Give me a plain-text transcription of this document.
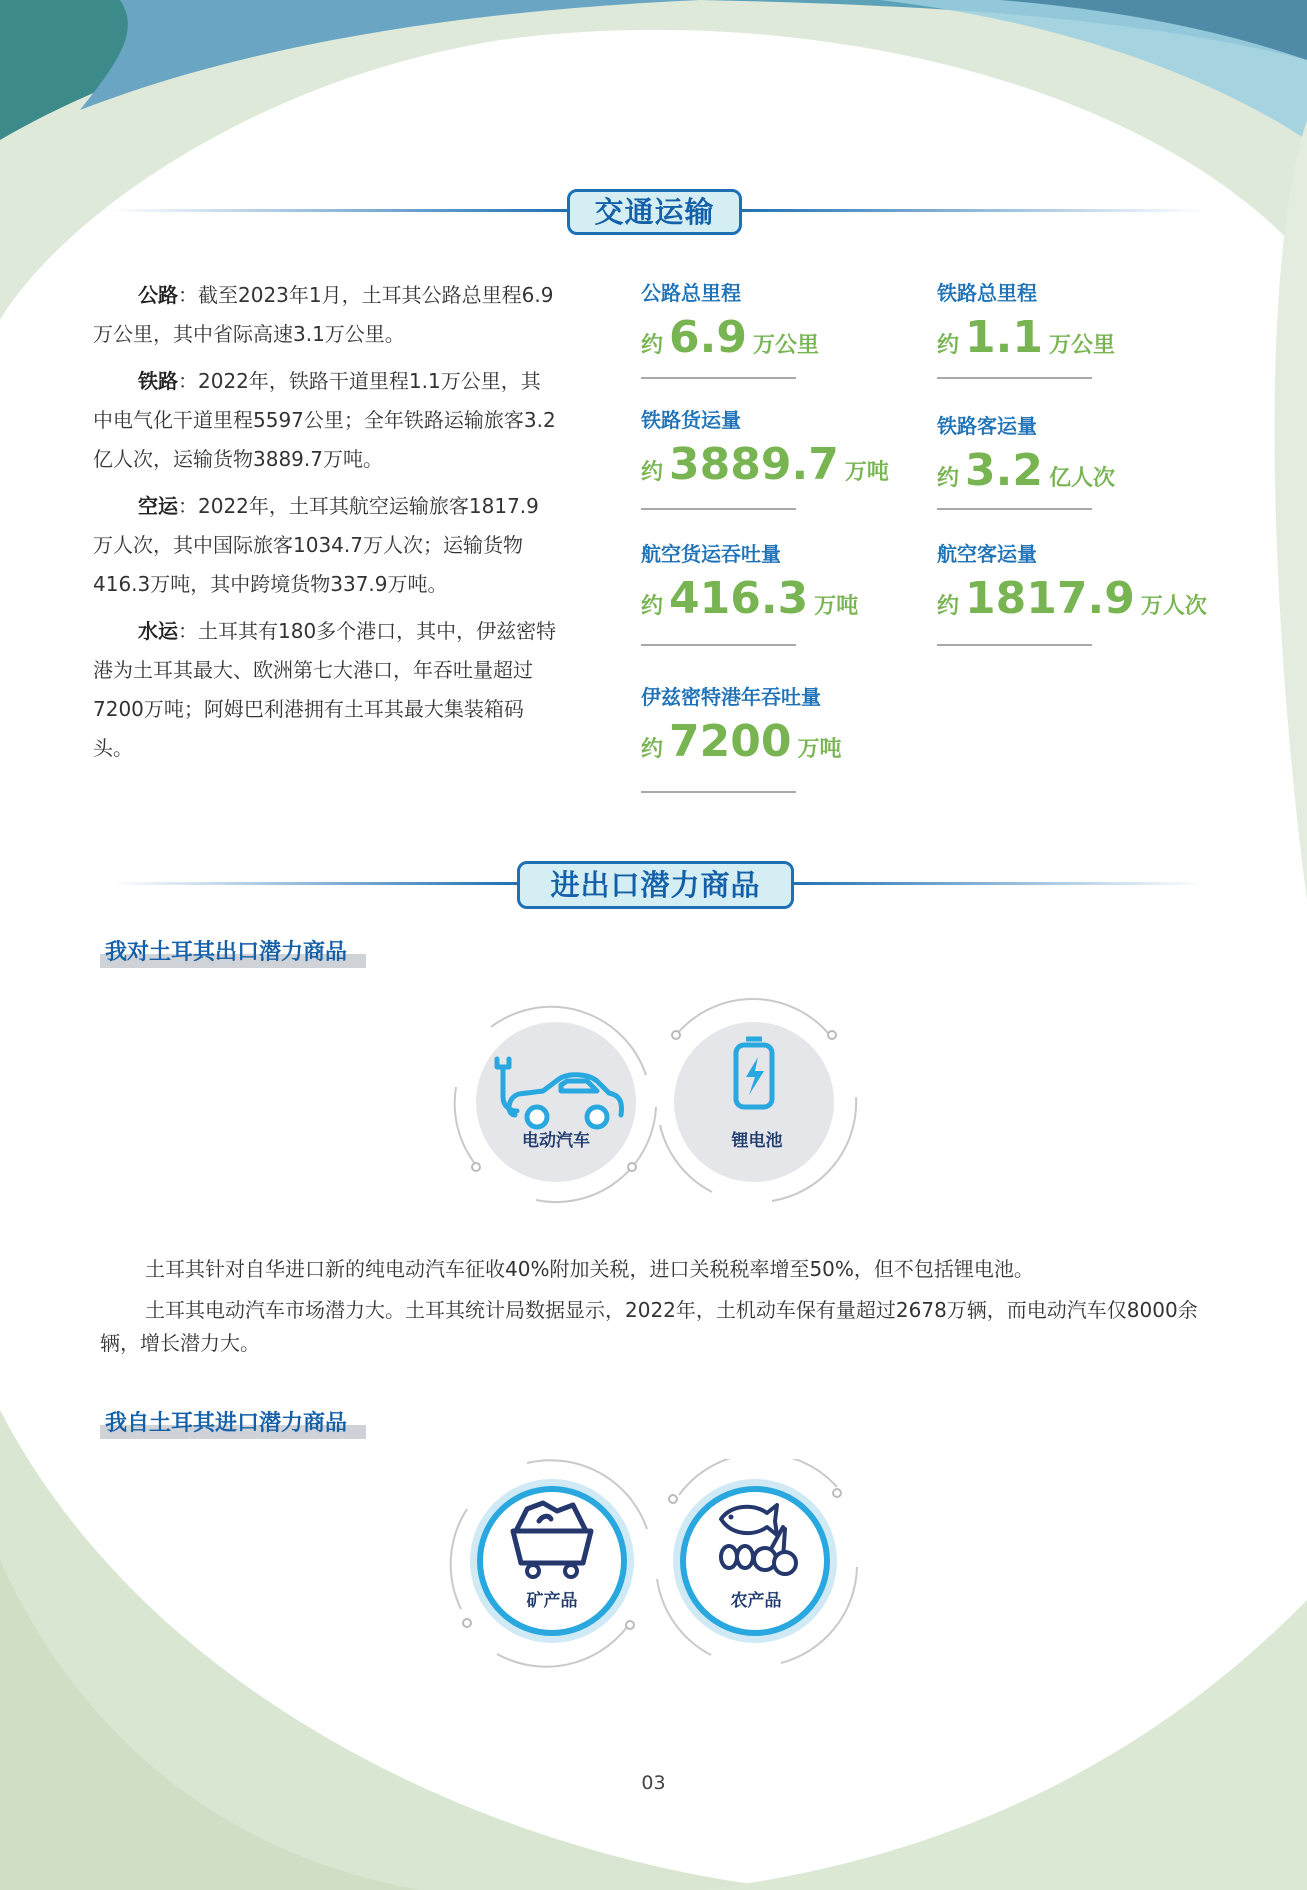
交通运输

公路：截至2023年1月，土耳其公路总里程6.9万公里，其中省际高速3.1万公里。

铁路：2022年，铁路干道里程1.1万公里，其中电气化干道里程5597公里；全年铁路运输旅客3.2亿人次，运输货物3889.7万吨。

空运：2022年，土耳其航空运输旅客1817.9万人次，其中国际旅客1034.7万人次；运输货物416.3万吨，其中跨境货物337.9万吨。

水运：土耳其有180多个港口，其中，伊兹密特港为土耳其最大、欧洲第七大港口，年吞吐量超过7200万吨；阿姆巴利港拥有土耳其最大集装箱码头。

公路总里程
约 6.9 万公里
铁路货运量
约 3889.7 万吨
航空货运吞吐量
约 416.3 万吨
伊兹密特港年吞吐量
约 7200 万吨
铁路总里程
约 1.1 万公里
铁路客运量
约 3.2 亿人次
航空客运量
约 1817.9 万人次
进出口潜力商品
我对土耳其出口潜力商品
电动汽车	锂电池

土耳其针对自华进口新的纯电动汽车征收40%附加关税，进口关税税率增至50%，但不包括锂电池。

土耳其电动汽车市场潜力大。土耳其统计局数据显示，2022年，土机动车保有量超过2678万辆，而电动汽车仅8000余辆，增长潜力大。

我自土耳其进口潜力商品
矿产品	农产品
03
